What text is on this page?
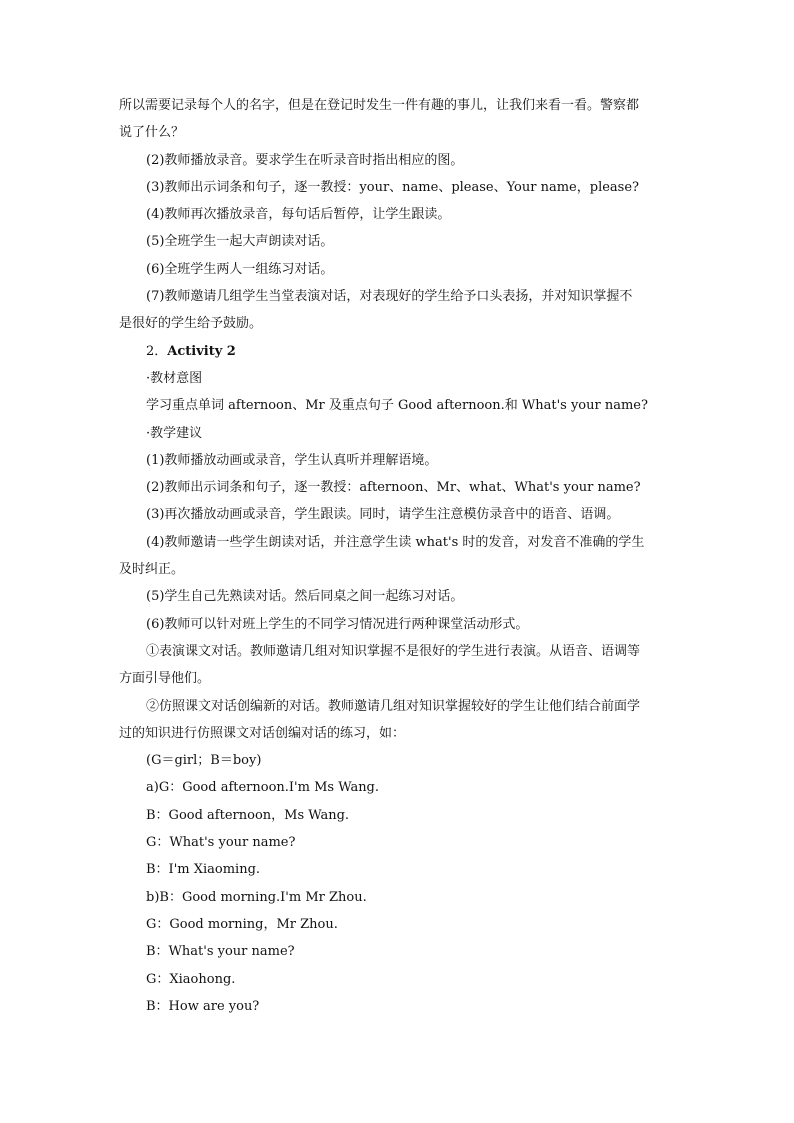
所以需要记录每个人的名字，但是在登记时发生一件有趣的事儿，让我们来看一看。警察都
说了什么？
(2)教师播放录音。要求学生在听录音时指出相应的图。
(3)教师出示词条和句子，逐一教授：your、name、please、Your name，please?
(4)教师再次播放录音，每句话后暂停，让学生跟读。
(5)全班学生一起大声朗读对话。
(6)全班学生两人一组练习对话。
(7)教师邀请几组学生当堂表演对话，对表现好的学生给予口头表扬，并对知识掌握不
是很好的学生给予鼓励。
2．Activity 2
·教材意图
学习重点单词 afternoon、Mr 及重点句子 Good afternoon.和 What's your name?
·教学建议
(1)教师播放动画或录音，学生认真听并理解语境。
(2)教师出示词条和句子，逐一教授：afternoon、Mr、what、What's your name?
(3)再次播放动画或录音，学生跟读。同时，请学生注意模仿录音中的语音、语调。
(4)教师邀请一些学生朗读对话，并注意学生读 what's 时的发音，对发音不准确的学生
及时纠正。
(5)学生自己先熟读对话。然后同桌之间一起练习对话。
(6)教师可以针对班上学生的不同学习情况进行两种课堂活动形式。
①表演课文对话。教师邀请几组对知识掌握不是很好的学生进行表演。从语音、语调等
方面引导他们。
②仿照课文对话创编新的对话。教师邀请几组对知识掌握较好的学生让他们结合前面学
过的知识进行仿照课文对话创编对话的练习，如：
(G＝girl；B＝boy)
a)G：Good afternoon.I'm Ms Wang.
B：Good afternoon，Ms Wang.
G：What's your name?
B：I'm Xiaoming.
b)B：Good morning.I'm Mr Zhou.
G：Good morning，Mr Zhou.
B：What's your name?
G：Xiaohong.
B：How are you?
